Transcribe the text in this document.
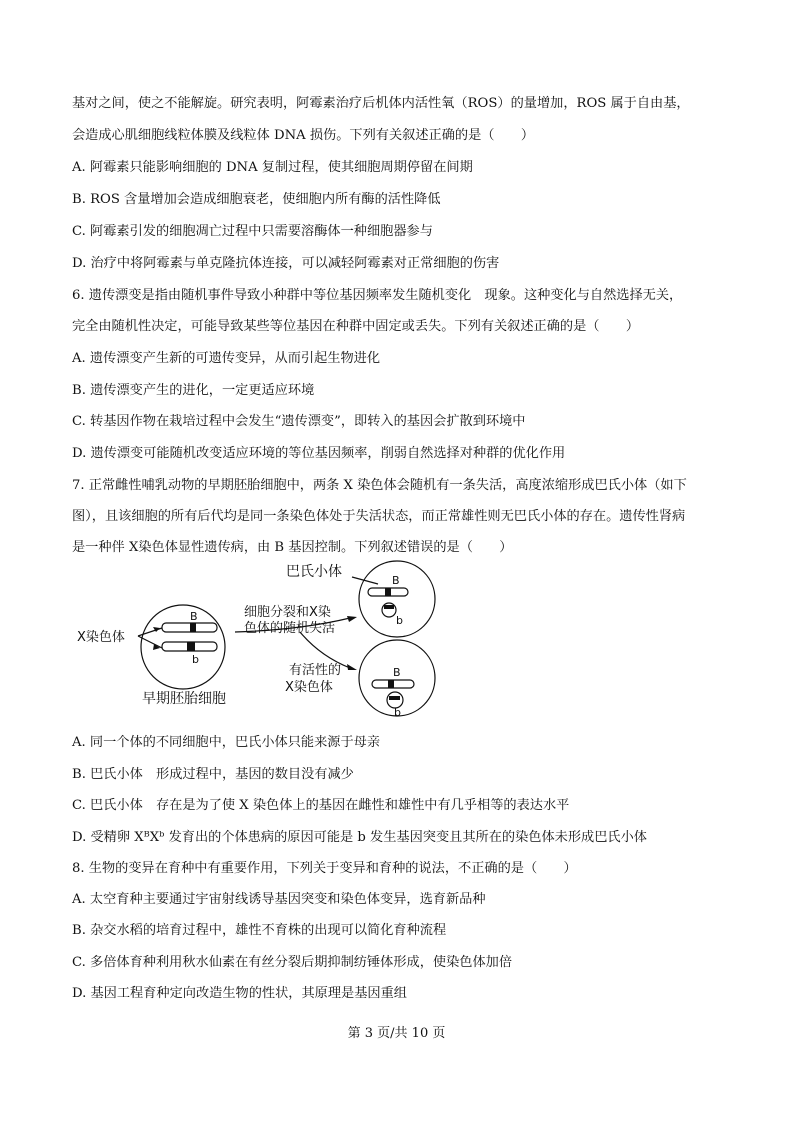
基对之间，使之不能解旋。研究表明，阿霉素治疗后机体内活性氧（ROS）的量增加，ROS 属于自由基，
会造成心肌细胞线粒体膜及线粒体 DNA 损伤。下列有关叙述正确的是（　　）
A. 阿霉素只能影响细胞的 DNA 复制过程，使其细胞周期停留在间期
B. ROS 含量增加会造成细胞衰老，使细胞内所有酶的活性降低
C. 阿霉素引发的细胞凋亡过程中只需要溶酶体一种细胞器参与
D. 治疗中将阿霉素与单克隆抗体连接，可以减轻阿霉素对正常细胞的伤害
6. 遗传漂变是指由随机事件导致小种群中等位基因频率发生随机变化　现象。这种变化与自然选择无关，
完全由随机性决定，可能导致某些等位基因在种群中固定或丢失。下列有关叙述正确的是（　　）
A. 遗传漂变产生新的可遗传变异，从而引起生物进化
B. 遗传漂变产生的进化，一定更适应环境
C. 转基因作物在栽培过程中会发生“遗传漂变”，即转入的基因会扩散到环境中
D. 遗传漂变可能随机改变适应环境的等位基因频率，削弱自然选择对种群的优化作用
7. 正常雌性哺乳动物的早期胚胎细胞中，两条 X 染色体会随机有一条失活，高度浓缩形成巴氏小体（如下
图），且该细胞的所有后代均是同一条染色体处于失活状态，而正常雄性则无巴氏小体的存在。遗传性肾病
是一种伴 X染色体显性遗传病，由 B 基因控制。下列叙述错误的是（　　）
X染色体
早期胚胎细胞
细胞分裂和X染
色体的随机失活
巴氏小体
有活性的
X染色体
B
b
B
b
B
b
A. 同一个体的不同细胞中，巴氏小体只能来源于母亲
B. 巴氏小体　形成过程中，基因的数目没有减少
C. 巴氏小体　存在是为了使 X 染色体上的基因在雌性和雄性中有几乎相等的表达水平
D. 受精卵 XᴮXᵇ 发育出的个体患病的原因可能是 b 发生基因突变且其所在的染色体未形成巴氏小体
8. 生物的变异在育种中有重要作用，下列关于变异和育种的说法，不正确的是（　　）
A. 太空育种主要通过宇宙射线诱导基因突变和染色体变异，选育新品种
B. 杂交水稻的培育过程中，雄性不育株的出现可以简化育种流程
C. 多倍体育种利用秋水仙素在有丝分裂后期抑制纺锤体形成，使染色体加倍
D. 基因工程育种定向改造生物的性状，其原理是基因重组
第 3 页/共 10 页
